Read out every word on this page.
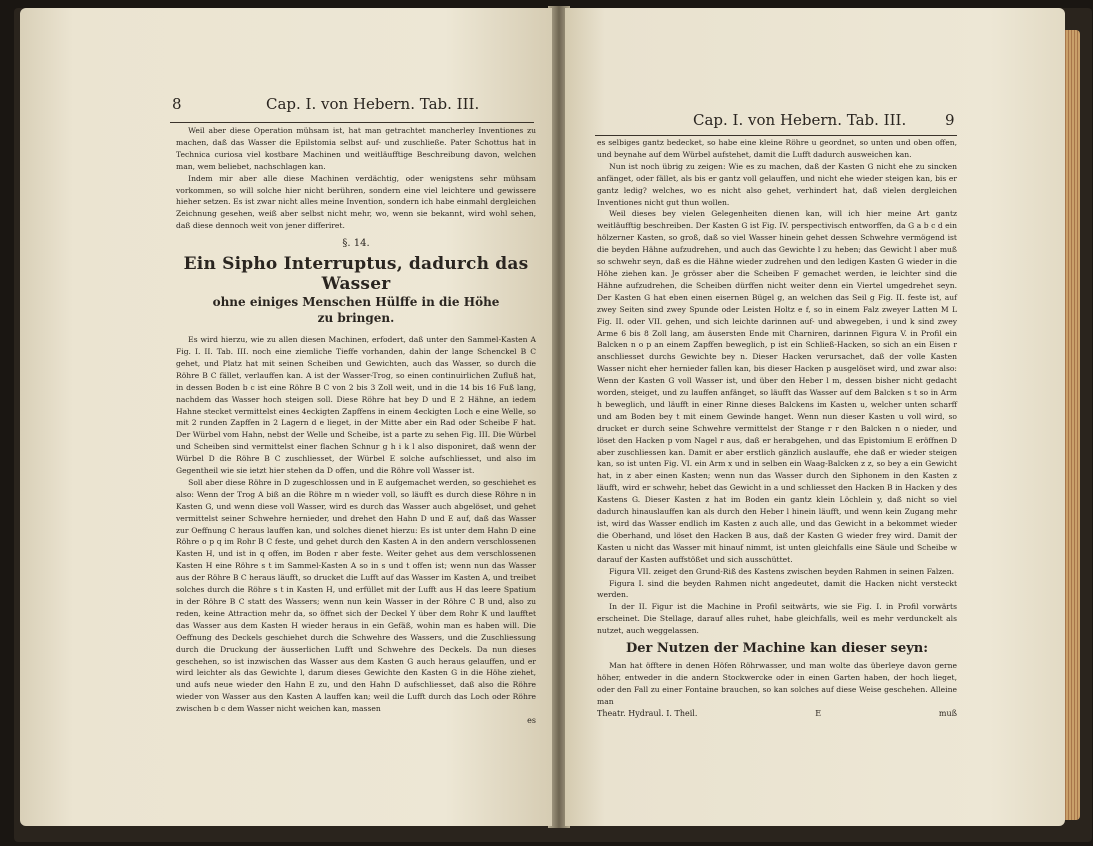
8	Cap. I. von Hebern. Tab. III.

Weil aber diese Operation mühsam ist, hat man getrachtet mancherley Inventiones zu machen, daß das Wasser die Epilstomia selbst auf- und zuschließe. Pater Schottus hat in Technica curiosa viel kostbare Machinen und weitläufftige Beschreibung davon, welchen man, wem beliebet, nachschlagen kan.

Indem mir aber alle diese Machinen verdächtig, oder wenigstens sehr mühsam vorkommen, so will solche hier nicht berühren, sondern eine viel leichtere und gewissere hieher setzen. Es ist zwar nicht alles meine Invention, sondern ich habe einmahl dergleichen Zeichnung gesehen, weiß aber selbst nicht mehr, wo, wenn sie bekannt, wird wohl sehen, daß diese dennoch weit von jener differiret.

§. 14.
Ein Sipho Interruptus, dadurch das Wasser
ohne einiges Menschen Hülffe in die Höhe
zu bringen.

Es wird hierzu, wie zu allen diesen Machinen, erfodert, daß unter den Sammel-Kasten A Fig. I. II. Tab. III. noch eine ziemliche Tieffe vorhanden, dahin der lange Schenckel B C gehet, und Platz hat mit seinen Scheiben und Gewichten, auch das Wasser, so durch die Röhre B C fället, verlauffen kan. A ist der Wasser-Trog, so einen continuirlichen Zufluß hat, in dessen Boden b c ist eine Röhre B C von 2 bis 3 Zoll weit, und in die 14 bis 16 Fuß lang, nachdem das Wasser hoch steigen soll. Diese Röhre hat bey D und E 2 Hähne, an iedem Hahne stecket vermittelst eines 4eckigten Zapffens in einem 4eckigten Loch e eine Welle, so mit 2 runden Zapffen in 2 Lagern d e lieget, in der Mitte aber ein Rad oder Scheibe F hat. Der Würbel vom Hahn, nebst der Welle und Scheibe, ist a parte zu sehen Fig. III. Die Würbel und Scheiben sind vermittelst einer flachen Schnur g h i k l also disponiret, daß wenn der Würbel D die Röhre B C zuschliesset, der Würbel E solche aufschliesset, und also im Gegentheil wie sie ietzt hier stehen da D offen, und die Röhre voll Wasser ist.

Soll aber diese Röhre in D zugeschlossen und in E aufgemachet werden, so geschiehet es also: Wenn der Trog A biß an die Röhre m n wieder voll, so läufft es durch diese Röhre n in Kasten G, und wenn diese voll Wasser, wird es durch das Wasser auch abgelöset, und gehet vermittelst seiner Schwehre hernieder, und drehet den Hahn D und E auf, daß das Wasser zur Oeffnung C heraus lauffen kan, und solches dienet hierzu: Es ist unter dem Hahn D eine Röhre o p q im Rohr B C feste, und gehet durch den Kasten A in den andern verschlossenen Kasten H, und ist in q offen, im Boden r aber feste. Weiter gehet aus dem verschlossenen Kasten H eine Röhre s t im Sammel-Kasten A so in s und t offen ist; wenn nun das Wasser aus der Röhre B C heraus läufft, so drucket die Lufft auf das Wasser im Kasten A, und treibet solches durch die Röhre s t in Kasten H, und erfüllet mit der Lufft aus H das leere Spatium in der Röhre B C statt des Wassers; wenn nun kein Wasser in der Röhre C B und, also zu reden, keine Attraction mehr da, so öffnet sich der Deckel Y über dem Rohr K und laufftet das Wasser aus dem Kasten H wieder heraus in ein Gefäß, wohin man es haben will. Die Oeffnung des Deckels geschiehet durch die Schwehre des Wassers, und die Zuschliessung durch die Druckung der äusserlichen Lufft und Schwehre des Deckels. Da nun dieses geschehen, so ist inzwischen das Wasser aus dem Kasten G auch heraus gelauffen, und er wird leichter als das Gewichte l, darum dieses Gewichte den Kasten G in die Höhe ziehet, und aufs neue wieder den Hahn E zu, und den Hahn D aufschliesset, daß also die Röhre wieder von Wasser aus den Kasten A lauffen kan; weil die Lufft durch das Loch oder Röhre zwischen b c dem Wasser nicht weichen kan, massen

es
Cap. I. von Hebern. Tab. III.	9

es selbiges gantz bedecket, so habe eine kleine Röhre u geordnet, so unten und oben offen, und beynahe auf dem Würbel aufstehet, damit die Lufft dadurch ausweichen kan.

Nun ist noch übrig zu zeigen: Wie es zu machen, daß der Kasten G nicht ehe zu sincken anfänget, oder fället, als bis er gantz voll gelauffen, und nicht ehe wieder steigen kan, bis er gantz ledig? welches, wo es nicht also gehet, verhindert hat, daß vielen dergleichen Inventiones nicht gut thun wollen.

Weil dieses bey vielen Gelegenheiten dienen kan, will ich hier meine Art gantz weitläufftig beschreiben. Der Kasten G ist Fig. IV. perspectivisch entworffen, da G a b c d ein hölzerner Kasten, so groß, daß so viel Wasser hinein gehet dessen Schwehre vermögend ist die beyden Hähne aufzudrehen, und auch das Gewichte l zu heben; das Gewicht l aber muß so schwehr seyn, daß es die Hähne wieder zudrehen und den ledigen Kasten G wieder in die Höhe ziehen kan. Je grösser aber die Scheiben F gemachet werden, ie leichter sind die Hähne aufzudrehen, die Scheiben dürffen nicht weiter denn ein Viertel umgedrehet seyn. Der Kasten G hat eben einen eisernen Bügel g, an welchen das Seil g Fig. II. feste ist, auf zwey Seiten sind zwey Spunde oder Leisten Holtz e f, so in einem Falz zweyer Latten M L Fig. II. oder VII. gehen, und sich leichte darinnen auf- und abwegeben, i und k sind zwey Arme 6 bis 8 Zoll lang, am äusersten Ende mit Charniren, darinnen Figura V. in Profil ein Balcken n o p an einem Zapffen beweglich, p ist ein Schließ-Hacken, so sich an ein Eisen r anschliesset durchs Gewichte bey n. Dieser Hacken verursachet, daß der volle Kasten Wasser nicht eher hernieder fallen kan, bis dieser Hacken p ausgelöset wird, und zwar also: Wenn der Kasten G voll Wasser ist, und über den Heber l m, dessen bisher nicht gedacht worden, steiget, und zu lauffen anfänget, so läufft das Wasser auf dem Balcken s t so in Arm h beweglich, und läufft in einer Rinne dieses Balckens im Kasten u, welcher unten scharff und am Boden bey t mit einem Gewinde hanget. Wenn nun dieser Kasten u voll wird, so drucket er durch seine Schwehre vermittelst der Stange r r den Balcken n o nieder, und löset den Hacken p vom Nagel r aus, daß er herabgehen, und das Epistomium E eröffnen D aber zuschliessen kan. Damit er aber erstlich gänzlich auslauffe, ehe daß er wieder steigen kan, so ist unten Fig. VI. ein Arm x und in selben ein Waag-Balcken z z, so bey a ein Gewicht hat, in z aber einen Kasten; wenn nun das Wasser durch den Siphonem in den Kasten z läufft, wird er schwehr, hebet das Gewicht in a und schliesset den Hacken B in Hacken y des Kastens G. Dieser Kasten z hat im Boden ein gantz klein Löchlein y, daß nicht so viel dadurch hinauslauffen kan als durch den Heber l hinein läufft, und wenn kein Zugang mehr ist, wird das Wasser endlich im Kasten z auch alle, und das Gewicht in a bekommet wieder die Oberhand, und löset den Hacken B aus, daß der Kasten G wieder frey wird. Damit der Kasten u nicht das Wasser mit hinauf nimmt, ist unten gleichfalls eine Säule und Scheibe w darauf der Kasten auffstößet und sich ausschüttet.

Figura VII. zeiget den Grund-Riß des Kastens zwischen beyden Rahmen in seinen Falzen.

Figura I. sind die beyden Rahmen nicht angedeutet, damit die Hacken nicht versteckt werden.

In der II. Figur ist die Machine in Profil seitwärts, wie sie Fig. I. in Profil vorwärts erscheinet. Die Stellage, darauf alles ruhet, habe gleichfalls, weil es mehr verdunckelt als nutzet, auch weggelassen.

Der Nutzen der Machine kan dieser seyn:

Man hat öfftere in denen Höfen Röhrwasser, und man wolte das überleye davon gerne höher, entweder in die andern Stockwercke oder in einen Garten haben, der hoch lieget, oder den Fall zu einer Fontaine brauchen, so kan solches auf diese Weise geschehen. Alleine man

Theatr. Hydraul. I. Theil.	E	muß
